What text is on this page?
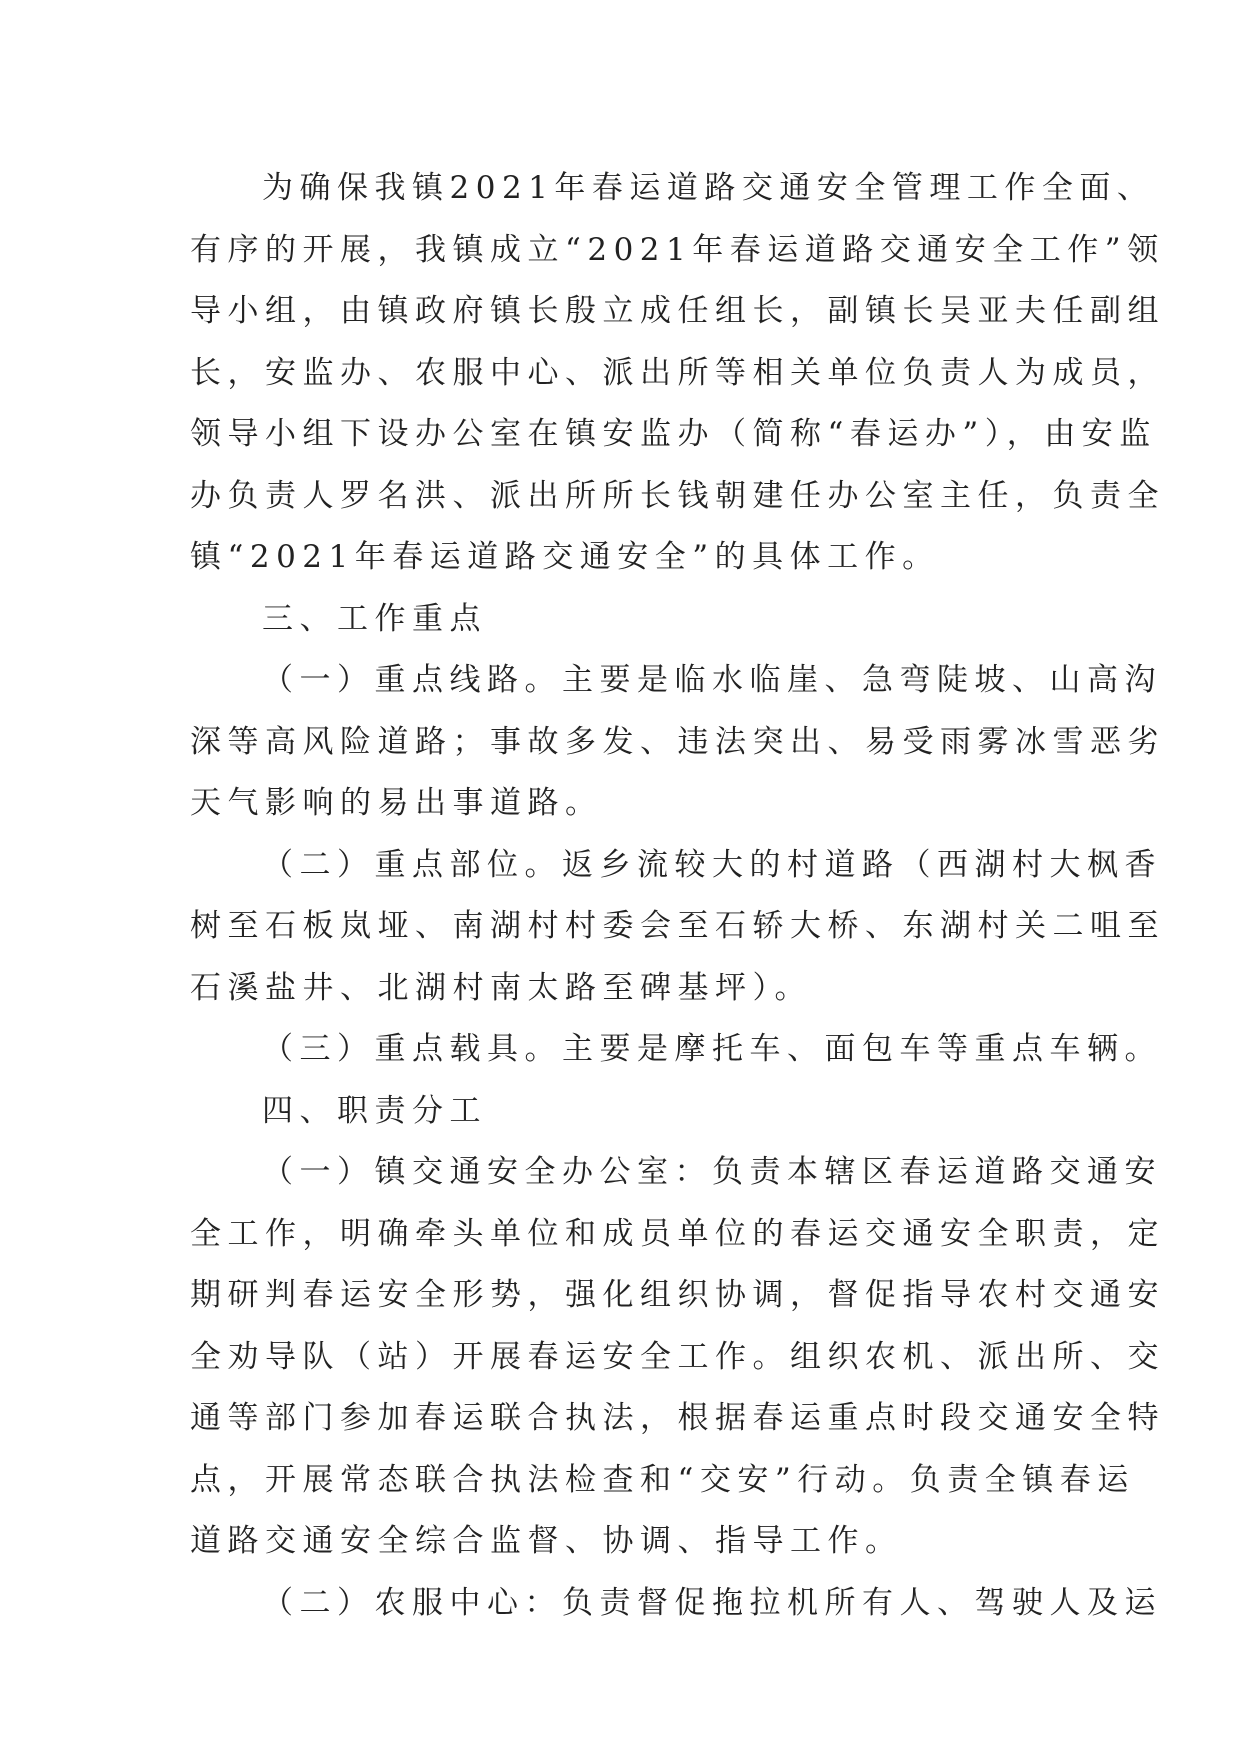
为确保我镇2021年春运道路交通安全管理工作全面、
有序的开展，我镇成立“2021年春运道路交通安全工作”领
导小组，由镇政府镇长殷立成任组长，副镇长吴亚夫任副组
长，安监办、农服中心、派出所等相关单位负责人为成员，
领导小组下设办公室在镇安监办（简称“春运办”），由安监
办负责人罗名洪、派出所所长钱朝建任办公室主任，负责全
镇“2021年春运道路交通安全”的具体工作。
三、工作重点
（一）重点线路。主要是临水临崖、急弯陡坡、山高沟
深等高风险道路；事故多发、违法突出、易受雨雾冰雪恶劣
天气影响的易出事道路。
（二）重点部位。返乡流较大的村道路（西湖村大枫香
树至石板岚垭、南湖村村委会至石轿大桥、东湖村关二咀至
石溪盐井、北湖村南太路至碑基坪）。
（三）重点载具。主要是摩托车、面包车等重点车辆。
四、职责分工
（一）镇交通安全办公室：负责本辖区春运道路交通安
全工作，明确牵头单位和成员单位的春运交通安全职责，定
期研判春运安全形势，强化组织协调，督促指导农村交通安
全劝导队（站）开展春运安全工作。组织农机、派出所、交
通等部门参加春运联合执法，根据春运重点时段交通安全特
点，开展常态联合执法检查和“交安”行动。负责全镇春运
道路交通安全综合监督、协调、指导工作。
（二）农服中心：负责督促拖拉机所有人、驾驶人及运
